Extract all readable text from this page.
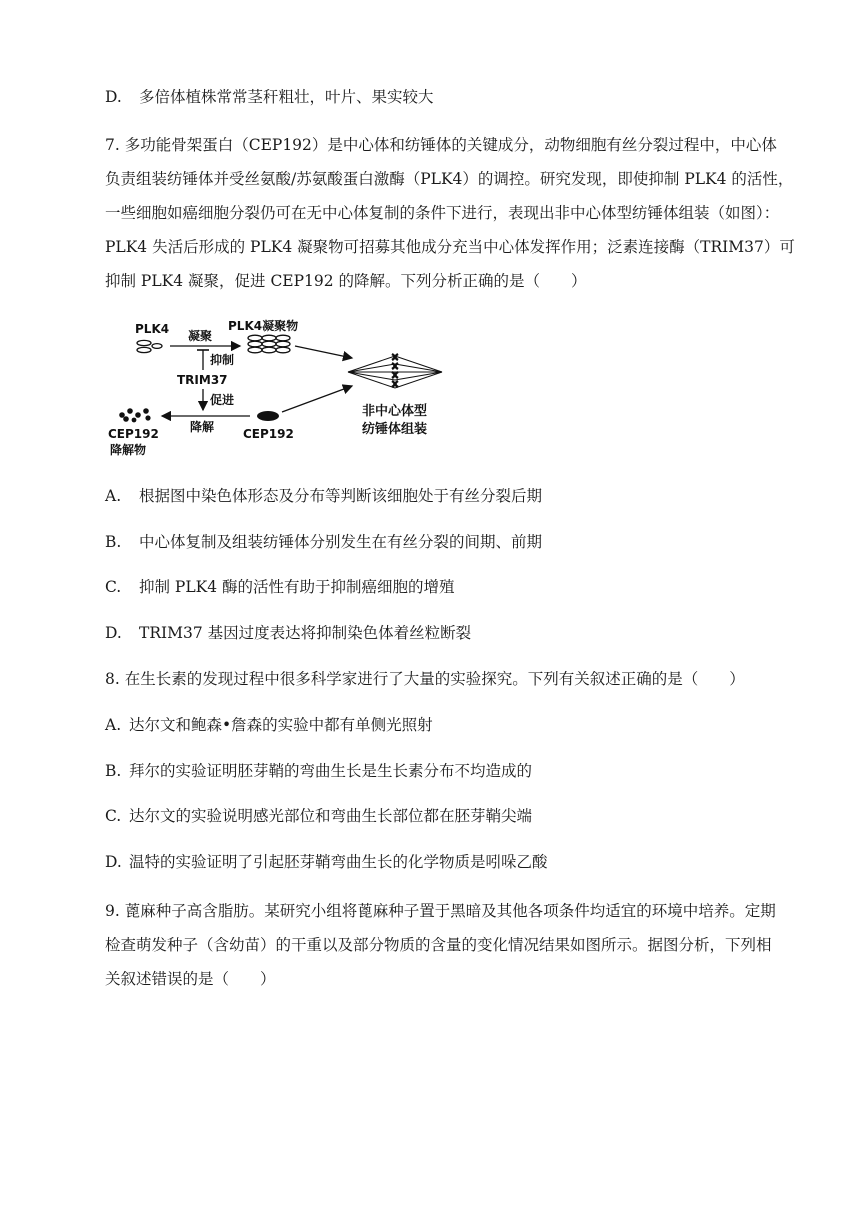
D. 多倍体植株常常茎秆粗壮，叶片、果实较大
7. 多功能骨架蛋白（CEP192）是中心体和纺锤体的关键成分，动物细胞有丝分裂过程中，中心体
负责组装纺锤体并受丝氨酸/苏氨酸蛋白激酶（PLK4）的调控。研究发现，即使抑制 PLK4 的活性，
一些细胞如癌细胞分裂仍可在无中心体复制的条件下进行，表现出非中心体型纺锤体组装（如图）：
PLK4 失活后形成的 PLK4 凝聚物可招募其他成分充当中心体发挥作用；泛素连接酶（TRIM37）可
抑制 PLK4 凝聚，促进 CEP192 的降解。下列分析正确的是（　　）
PLK4 凝聚
PLK4凝聚物
抑制
TRIM37
促进
降解
CEP192
降解物
CEP192
非中心体型
纺锤体组装
A. 根据图中染色体形态及分布等判断该细胞处于有丝分裂后期
B. 中心体复制及组装纺锤体分别发生在有丝分裂的间期、前期
C. 抑制 PLK4 酶的活性有助于抑制癌细胞的增殖
D. TRIM37 基因过度表达将抑制染色体着丝粒断裂
8. 在生长素的发现过程中很多科学家进行了大量的实验探究。下列有关叙述正确的是（　　）
A. 达尔文和鲍森•詹森的实验中都有单侧光照射
B. 拜尔的实验证明胚芽鞘的弯曲生长是生长素分布不均造成的
C. 达尔文的实验说明感光部位和弯曲生长部位都在胚芽鞘尖端
D. 温特的实验证明了引起胚芽鞘弯曲生长的化学物质是吲哚乙酸
9. 蓖麻种子高含脂肪。某研究小组将蓖麻种子置于黑暗及其他各项条件均适宜的环境中培养。定期
检查萌发种子（含幼苗）的干重以及部分物质的含量的变化情况结果如图所示。据图分析，下列相
关叙述错误的是（　　）
